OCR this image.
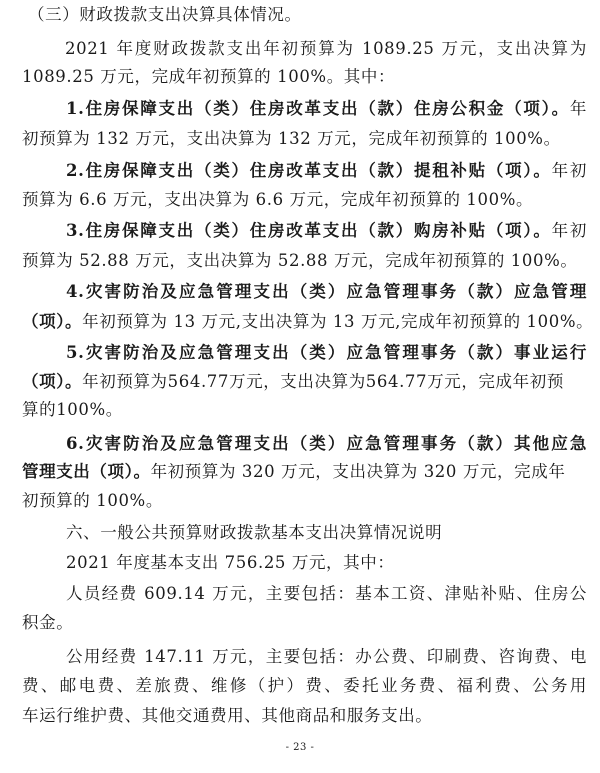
（三）财政拨款支出决算具体情况。
2021 年度财政拨款支出年初预算为 1089.25 万元，支出决算为
1089.25 万元，完成年初预算的 100%。其中：
1.住房保障支出（类）住房改革支出（款）住房公积金（项）。年
初预算为 132 万元，支出决算为 132 万元，完成年初预算的 100%。
2.住房保障支出（类）住房改革支出（款）提租补贴（项）。年初
预算为 6.6 万元，支出决算为 6.6 万元，完成年初预算的 100%。
3.住房保障支出（类）住房改革支出（款）购房补贴（项）。年初
预算为 52.88 万元，支出决算为 52.88 万元，完成年初预算的 100%。
4.灾害防治及应急管理支出（类）应急管理事务（款）应急管理
（项）。年初预算为 13 万元,支出决算为 13 万元,完成年初预算的 100%。
5.灾害防治及应急管理支出（类）应急管理事务（款）事业运行
（项）。年初预算为564.77万元，支出决算为564.77万元，完成年初预
算的100%。
6.灾害防治及应急管理支出（类）应急管理事务（款）其他应急
管理支出（项）。年初预算为 320 万元，支出决算为 320 万元，完成年
初预算的 100%。
六、一般公共预算财政拨款基本支出决算情况说明
2021 年度基本支出 756.25 万元，其中：
人员经费 609.14 万元，主要包括：基本工资、津贴补贴、住房公
积金。
公用经费 147.11 万元，主要包括：办公费、印刷费、咨询费、电
费、邮电费、差旅费、维修（护）费、委托业务费、福利费、公务用
车运行维护费、其他交通费用、其他商品和服务支出。
- 23 -
